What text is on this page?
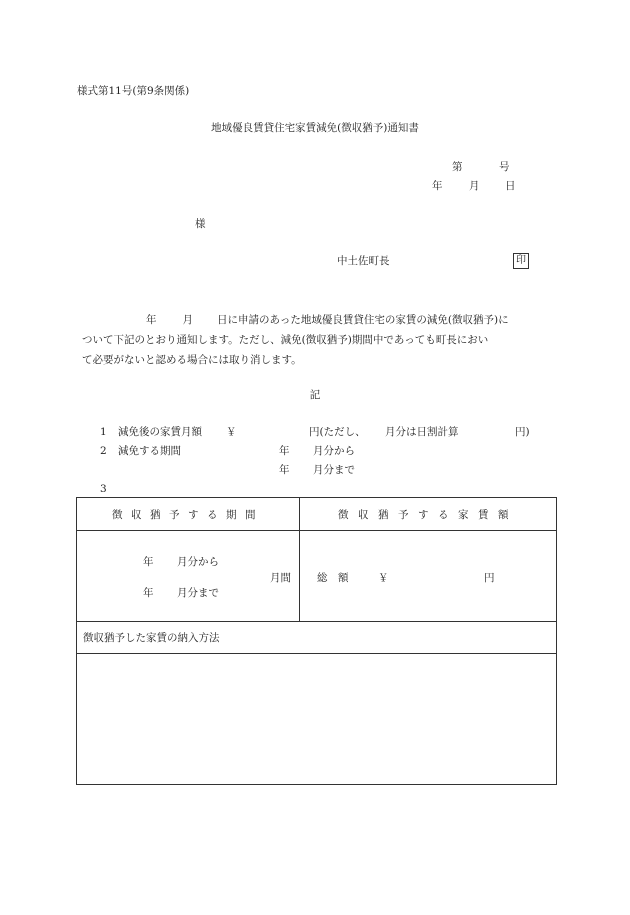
様式第11号(第9条関係)
地域優良賃貸住宅家賃減免(徴収猶予)通知書
第	号
年	月 日
様
中土佐町長	印
年 月 日に申請のあった地域優良賃貸住宅の家賃の減免(徴収猶予)に
ついて下記のとおり通知します。ただし、減免(徴収猶予)期間中であっても町長におい
て必要がないと認める場合には取り消します。
記
1 減免後の家賃月額 ￥	円(ただし、 月分は日割計算	円)
2 減免する期間	年 月分から
年 月分まで
3
徴収猶予する期間	徴収猶予する家賃額

年 月分から
月間
年 月分まで	総　額 ￥ 円

徴収猶予した家賃の納入方法	
